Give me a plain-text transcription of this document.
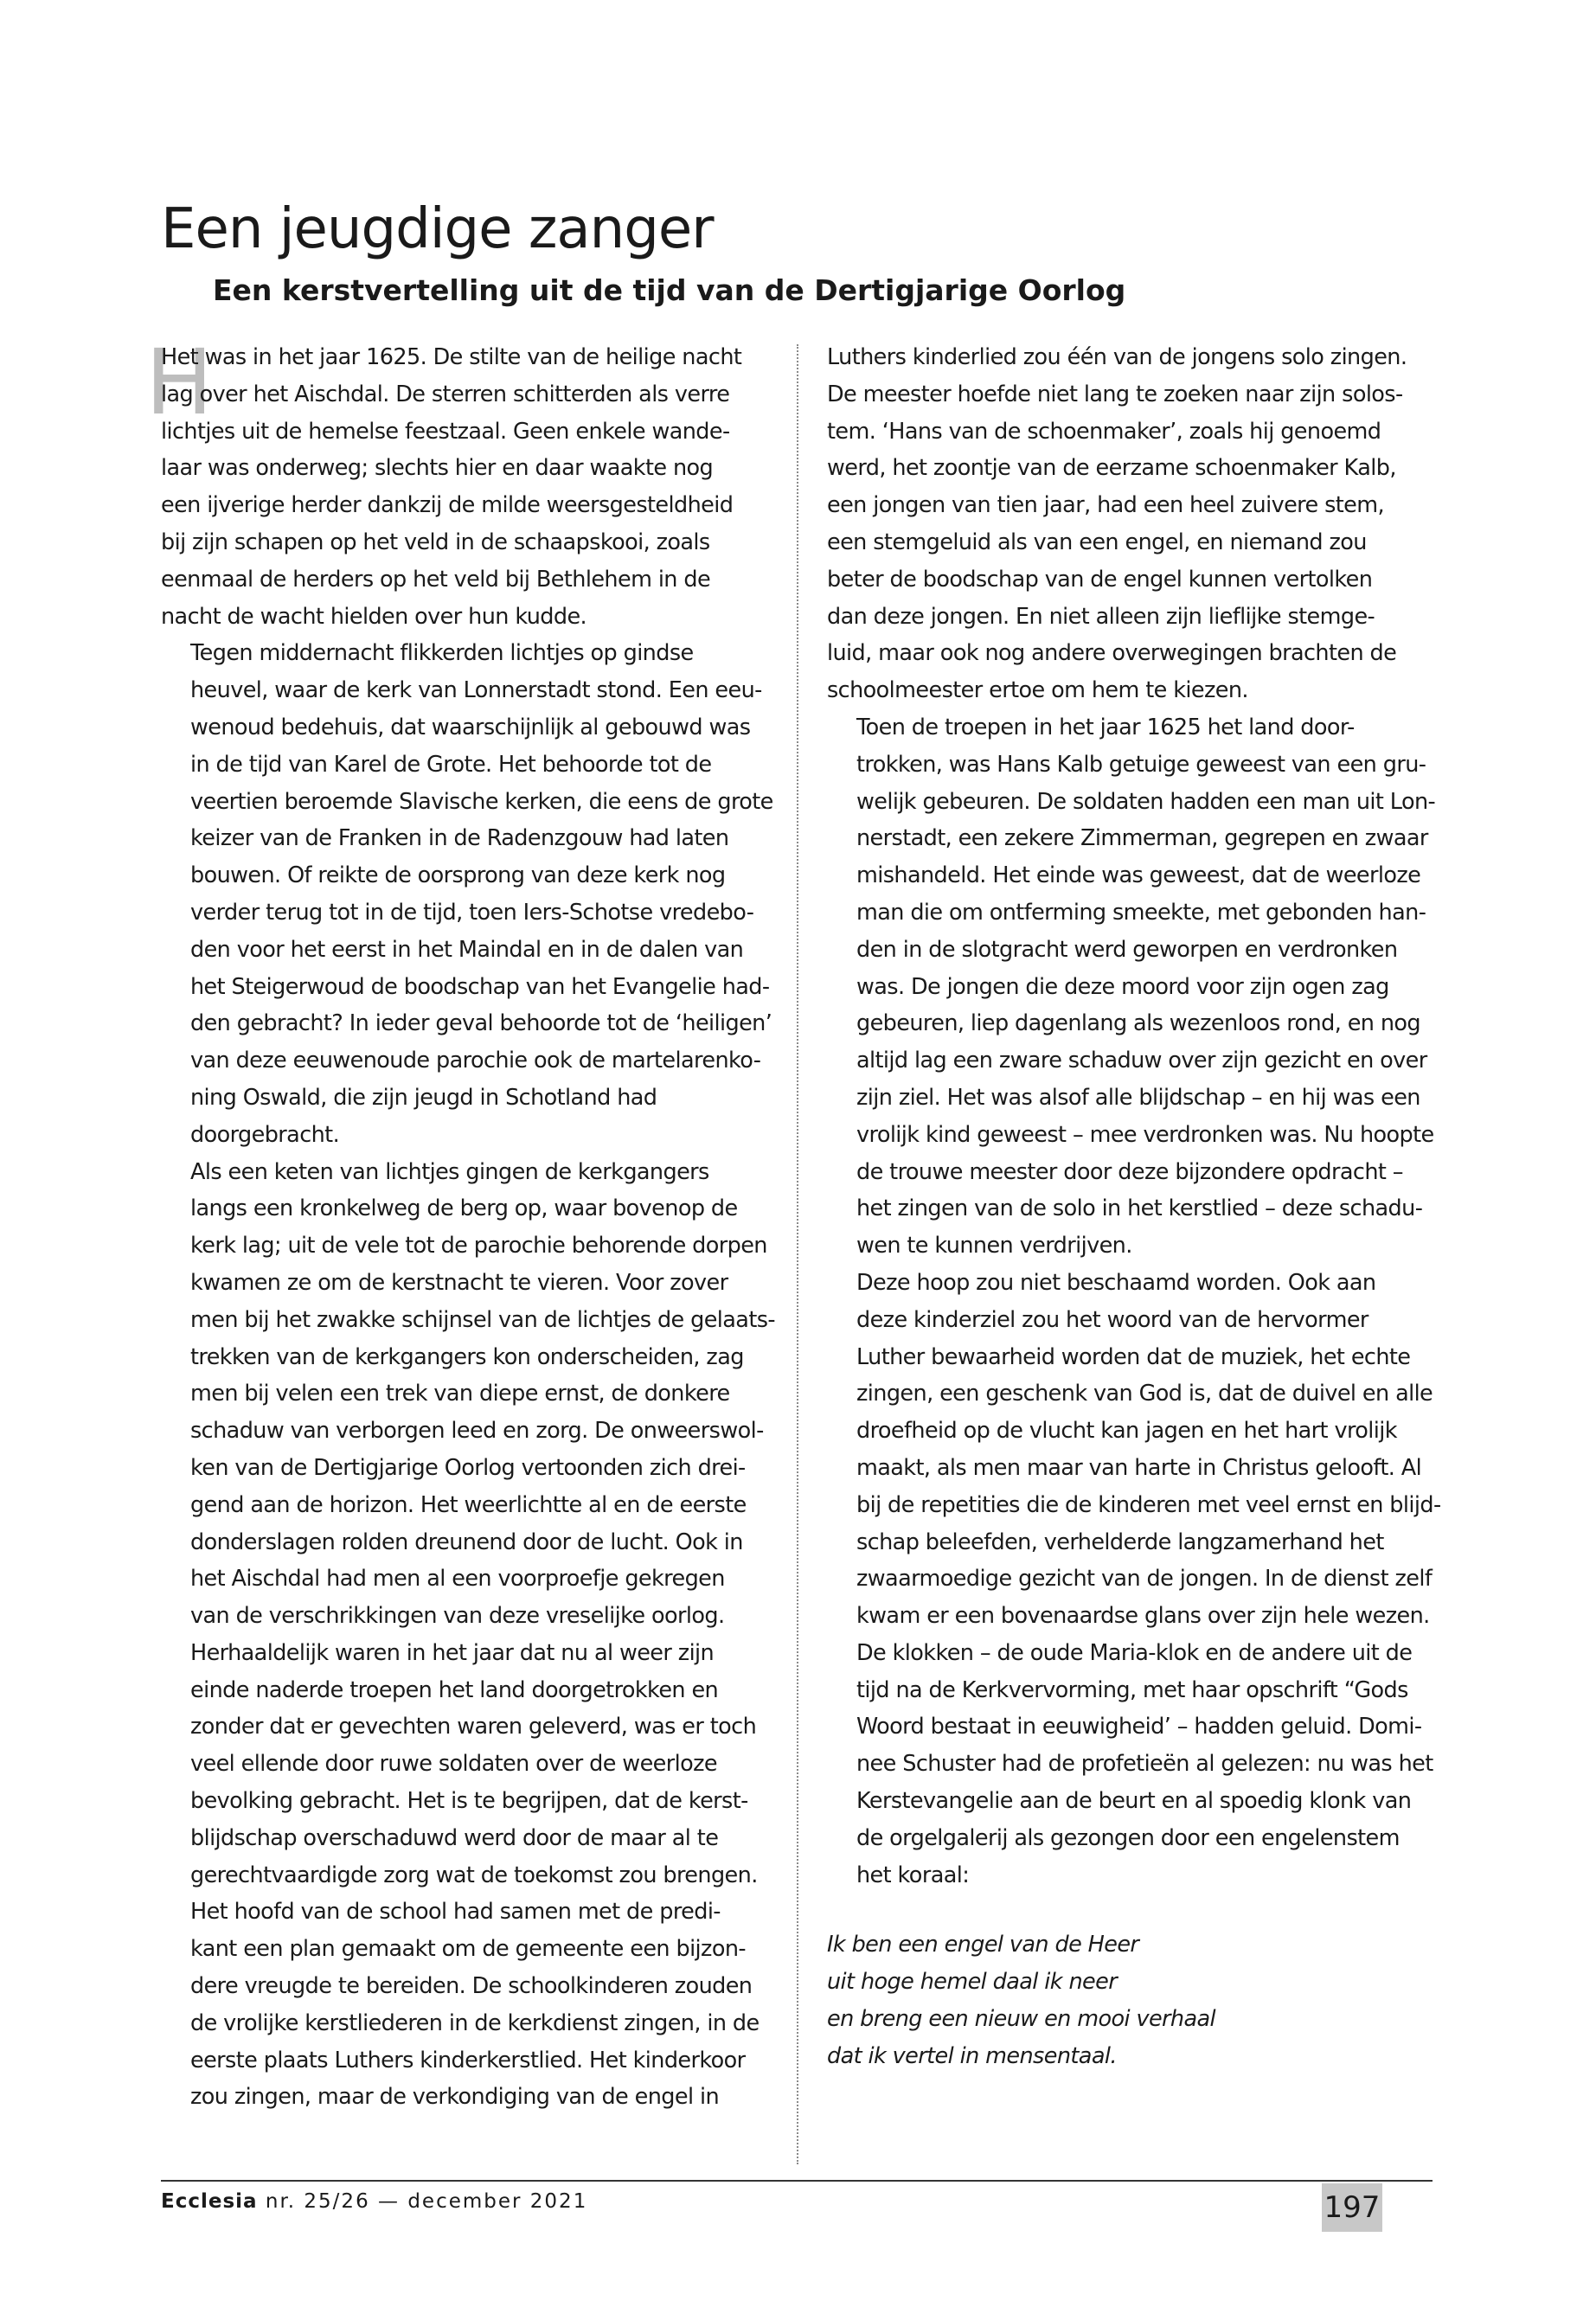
Een jeugdige zanger
Een kerstvertelling uit de tijd van de Dertigjarige Oorlog
H

Het was in het jaar 1625. De stilte van de heilige nacht
lag over het Aischdal. De sterren schitterden als verre
lichtjes uit de hemelse feestzaal. Geen enkele wande-
laar was onderweg; slechts hier en daar waakte nog
een ijverige herder dankzij de milde weersgesteldheid
bij zijn schapen op het veld in de schaapskooi, zoals
eenmaal de herders op het veld bij Bethlehem in de
nacht de wacht hielden over hun kudde.

Tegen middernacht flikkerden lichtjes op gindse
heuvel, waar de kerk van Lonnerstadt stond. Een eeu-
wenoud bedehuis, dat waarschijnlijk al gebouwd was
in de tijd van Karel de Grote. Het behoorde tot de
veertien beroemde Slavische kerken, die eens de grote
keizer van de Franken in de Radenzgouw had laten
bouwen. Of reikte de oorsprong van deze kerk nog
verder terug tot in de tijd, toen Iers-Schotse vredebo-
den voor het eerst in het Maindal en in de dalen van
het Steigerwoud de boodschap van het Evangelie had-
den gebracht? In ieder geval behoorde tot de ‘heiligen’
van deze eeuwenoude parochie ook de martelarenko-
ning Oswald, die zijn jeugd in Schotland had
doorgebracht.

Als een keten van lichtjes gingen de kerkgangers
langs een kronkelweg de berg op, waar bovenop de
kerk lag; uit de vele tot de parochie behorende dorpen
kwamen ze om de kerstnacht te vieren. Voor zover
men bij het zwakke schijnsel van de lichtjes de gelaats-
trekken van de kerkgangers kon onderscheiden, zag
men bij velen een trek van diepe ernst, de donkere
schaduw van verborgen leed en zorg. De onweerswol-
ken van de Dertigjarige Oorlog vertoonden zich drei-
gend aan de horizon. Het weerlichtte al en de eerste
donderslagen rolden dreunend door de lucht. Ook in
het Aischdal had men al een voorproefje gekregen
van de verschrikkingen van deze vreselijke oorlog.
Herhaaldelijk waren in het jaar dat nu al weer zijn
einde naderde troepen het land doorgetrokken en
zonder dat er gevechten waren geleverd, was er toch
veel ellende door ruwe soldaten over de weerloze
bevolking gebracht. Het is te begrijpen, dat de kerst-
blijdschap overschaduwd werd door de maar al te
gerechtvaardigde zorg wat de toekomst zou brengen.

Het hoofd van de school had samen met de predi-
kant een plan gemaakt om de gemeente een bijzon-
dere vreugde te bereiden. De schoolkinderen zouden
de vrolijke kerstliederen in de kerkdienst zingen, in de
eerste plaats Luthers kinderkerstlied. Het kinderkoor
zou zingen, maar de verkondiging van de engel in

Luthers kinderlied zou één van de jongens solo zingen.
De meester hoefde niet lang te zoeken naar zijn solos-
tem. ‘Hans van de schoenmaker’, zoals hij genoemd
werd, het zoontje van de eerzame schoenmaker Kalb,
een jongen van tien jaar, had een heel zuivere stem,
een stemgeluid als van een engel, en niemand zou
beter de boodschap van de engel kunnen vertolken
dan deze jongen. En niet alleen zijn lieflijke stemge-
luid, maar ook nog andere overwegingen brachten de
schoolmeester ertoe om hem te kiezen.

Toen de troepen in het jaar 1625 het land door-
trokken, was Hans Kalb getuige geweest van een gru-
welijk gebeuren. De soldaten hadden een man uit Lon-
nerstadt, een zekere Zimmerman, gegrepen en zwaar
mishandeld. Het einde was geweest, dat de weerloze
man die om ontferming smeekte, met gebonden han-
den in de slotgracht werd geworpen en verdronken
was. De jongen die deze moord voor zijn ogen zag
gebeuren, liep dagenlang als wezenloos rond, en nog
altijd lag een zware schaduw over zijn gezicht en over
zijn ziel. Het was alsof alle blijdschap – en hij was een
vrolijk kind geweest – mee verdronken was. Nu hoopte
de trouwe meester door deze bijzondere opdracht –
het zingen van de solo in het kerstlied – deze schadu-
wen te kunnen verdrijven.

Deze hoop zou niet beschaamd worden. Ook aan
deze kinderziel zou het woord van de hervormer
Luther bewaarheid worden dat de muziek, het echte
zingen, een geschenk van God is, dat de duivel en alle
droefheid op de vlucht kan jagen en het hart vrolijk
maakt, als men maar van harte in Christus gelooft. Al
bij de repetities die de kinderen met veel ernst en blijd-
schap beleefden, verhelderde langzamerhand het
zwaarmoedige gezicht van de jongen. In de dienst zelf
kwam er een bovenaardse glans over zijn hele wezen.
De klokken – de oude Maria-klok en de andere uit de
tijd na de Kerkvervorming, met haar opschrift “Gods
Woord bestaat in eeuwigheid’ – hadden geluid. Domi-
nee Schuster had de profetieën al gelezen: nu was het
Kerstevangelie aan de beurt en al spoedig klonk van
de orgelgalerij als gezongen door een engelenstem
het koraal:

Ik ben een engel van de Heer
uit hoge hemel daal ik neer
en breng een nieuw en mooi verhaal
dat ik vertel in mensentaal.

Ecclesia nr. 25/26 — december 2021	197
